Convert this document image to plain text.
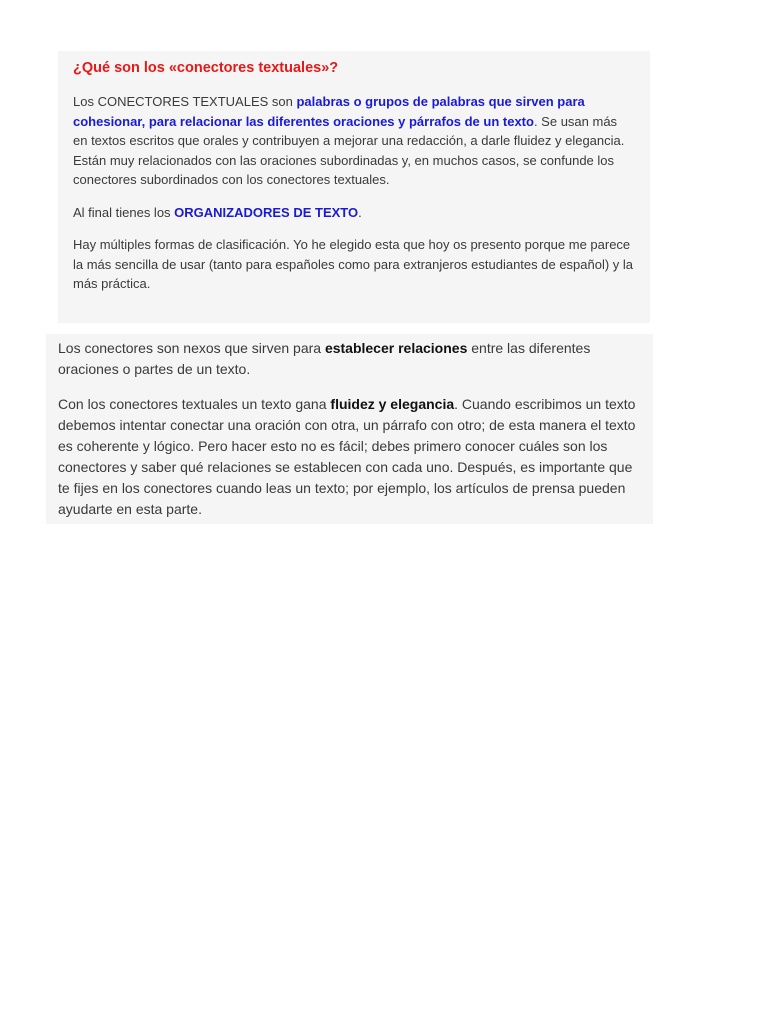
¿Qué son los «conectores textuales»?

Los CONECTORES TEXTUALES son palabras o grupos de palabras que sirven para cohesionar, para relacionar las diferentes oraciones y párrafos de un texto. Se usan más en textos escritos que orales y contribuyen a mejorar una redacción, a darle fluidez y elegancia. Están muy relacionados con las oraciones subordinadas y, en muchos casos, se confunde los conectores subordinados con los conectores textuales.

Al final tienes los ORGANIZADORES DE TEXTO.

Hay múltiples formas de clasificación. Yo he elegido esta que hoy os presento porque me parece la más sencilla de usar (tanto para españoles como para extranjeros estudiantes de español) y la más práctica.

Los conectores son nexos que sirven para establecer relaciones entre las diferentes oraciones o partes de un texto.

Con los conectores textuales un texto gana fluidez y elegancia. Cuando escribimos un texto debemos intentar conectar una oración con otra, un párrafo con otro; de esta manera el texto es coherente y lógico. Pero hacer esto no es fácil; debes primero conocer cuáles son los conectores y saber qué relaciones se establecen con cada uno. Después, es importante que te fijes en los conectores cuando leas un texto; por ejemplo, los artículos de prensa pueden ayudarte en esta parte.
